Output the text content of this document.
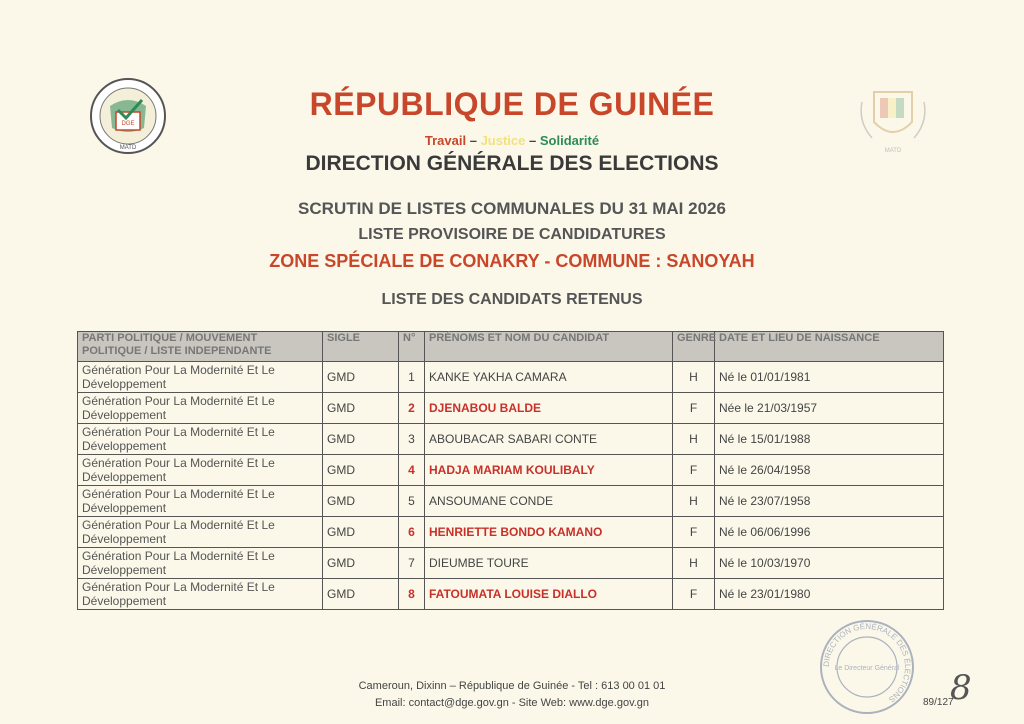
DGE
MATD	MATD
RÉPUBLIQUE DE GUINÉE
Travail – Justice – Solidarité
DIRECTION GÉNÉRALE DES ELECTIONS
SCRUTIN DE LISTES COMMUNALES DU 31 MAI 2026
LISTE PROVISOIRE DE CANDIDATURES
ZONE SPÉCIALE DE CONAKRY - COMMUNE : SANOYAH
LISTE DES CANDIDATS RETENUS
PARTI POLITIQUE / MOUVEMENT POLITIQUE / LISTE INDEPENDANTE	SIGLE	N°	PRÉNOMS ET NOM DU CANDIDAT	GENRE	DATE ET LIEU DE NAISSANCE
Génération Pour La Modernité Et Le Développement	GMD	1	KANKE YAKHA CAMARA	H	Né le 01/01/1981
Génération Pour La Modernité Et Le Développement	GMD	2	DJENABOU BALDE	F	Née le 21/03/1957
Génération Pour La Modernité Et Le Développement	GMD	3	ABOUBACAR SABARI CONTE	H	Né le 15/01/1988
Génération Pour La Modernité Et Le Développement	GMD	4	HADJA MARIAM KOULIBALY	F	Né le 26/04/1958
Génération Pour La Modernité Et Le Développement	GMD	5	ANSOUMANE CONDE	H	Né le 23/07/1958
Génération Pour La Modernité Et Le Développement	GMD	6	HENRIETTE BONDO KAMANO	F	Né le 06/06/1996
Génération Pour La Modernité Et Le Développement	GMD	7	DIEUMBE TOURE	H	Né le 10/03/1970
Génération Pour La Modernité Et Le Développement	GMD	8	FATOUMATA LOUISE DIALLO	F	Né le 23/01/1980
DIRECTION GÉNÉRALE DES ÉLECTIONS
Le Directeur Général
Cameroun, Dixinn – République de Guinée - Tel : 613 00 01 01
Email: contact@dge.gov.gn - Site Web: www.dge.gov.gn	89/127
8
